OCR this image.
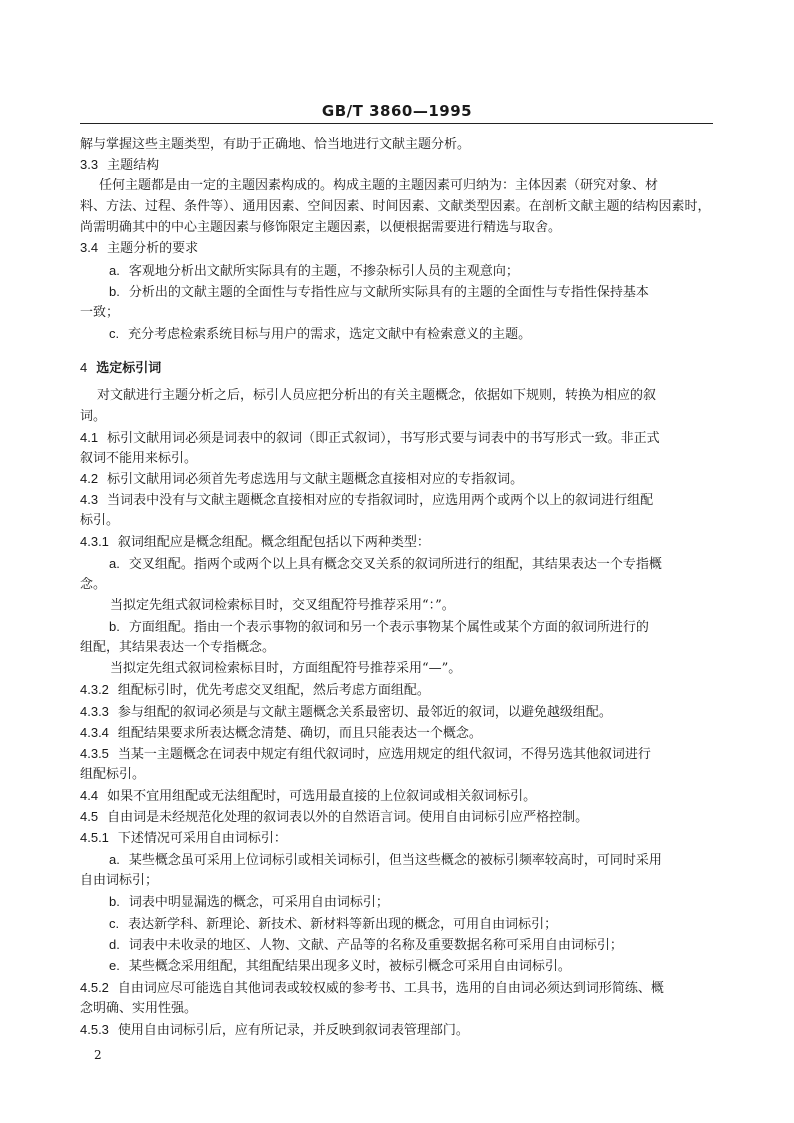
GB/T 3860—1995
解与掌握这些主题类型，有助于正确地、恰当地进行文献主题分析。
3.3 主题结构
任何主题都是由一定的主题因素构成的。构成主题的主题因素可归纳为：主体因素（研究对象、材
料、方法、过程、条件等）、通用因素、空间因素、时间因素、文献类型因素。在剖析文献主题的结构因素时，
尚需明确其中的中心主题因素与修饰限定主题因素，以便根据需要进行精选与取舍。
3.4 主题分析的要求
a. 客观地分析出文献所实际具有的主题，不掺杂标引人员的主观意向；
b. 分析出的文献主题的全面性与专指性应与文献所实际具有的主题的全面性与专指性保持基本
一致；
c. 充分考虑检索系统目标与用户的需求，选定文献中有检索意义的主题。
4 选定标引词
对文献进行主题分析之后，标引人员应把分析出的有关主题概念，依据如下规则，转换为相应的叙
词。
4.1 标引文献用词必须是词表中的叙词（即正式叙词），书写形式要与词表中的书写形式一致。非正式
叙词不能用来标引。
4.2 标引文献用词必须首先考虑选用与文献主题概念直接相对应的专指叙词。
4.3 当词表中没有与文献主题概念直接相对应的专指叙词时，应选用两个或两个以上的叙词进行组配
标引。
4.3.1 叙词组配应是概念组配。概念组配包括以下两种类型：
a. 交叉组配。指两个或两个以上具有概念交叉关系的叙词所进行的组配，其结果表达一个专指概
念。
当拟定先组式叙词检索标目时，交叉组配符号推荐采用“：”。
b. 方面组配。指由一个表示事物的叙词和另一个表示事物某个属性或某个方面的叙词所进行的
组配，其结果表达一个专指概念。
当拟定先组式叙词检索标目时，方面组配符号推荐采用“—”。
4.3.2 组配标引时，优先考虑交叉组配，然后考虑方面组配。
4.3.3 参与组配的叙词必须是与文献主题概念关系最密切、最邻近的叙词，以避免越级组配。
4.3.4 组配结果要求所表达概念清楚、确切，而且只能表达一个概念。
4.3.5 当某一主题概念在词表中规定有组代叙词时，应选用规定的组代叙词，不得另选其他叙词进行
组配标引。
4.4 如果不宜用组配或无法组配时，可选用最直接的上位叙词或相关叙词标引。
4.5 自由词是未经规范化处理的叙词表以外的自然语言词。使用自由词标引应严格控制。
4.5.1 下述情况可采用自由词标引：
a. 某些概念虽可采用上位词标引或相关词标引，但当这些概念的被标引频率较高时，可同时采用
自由词标引；
b. 词表中明显漏选的概念，可采用自由词标引；
c. 表达新学科、新理论、新技术、新材料等新出现的概念，可用自由词标引；
d. 词表中未收录的地区、人物、文献、产品等的名称及重要数据名称可采用自由词标引；
e. 某些概念采用组配，其组配结果出现多义时，被标引概念可采用自由词标引。
4.5.2 自由词应尽可能选自其他词表或较权威的参考书、工具书，选用的自由词必须达到词形简练、概
念明确、实用性强。
4.5.3 使用自由词标引后，应有所记录，并反映到叙词表管理部门。
2
